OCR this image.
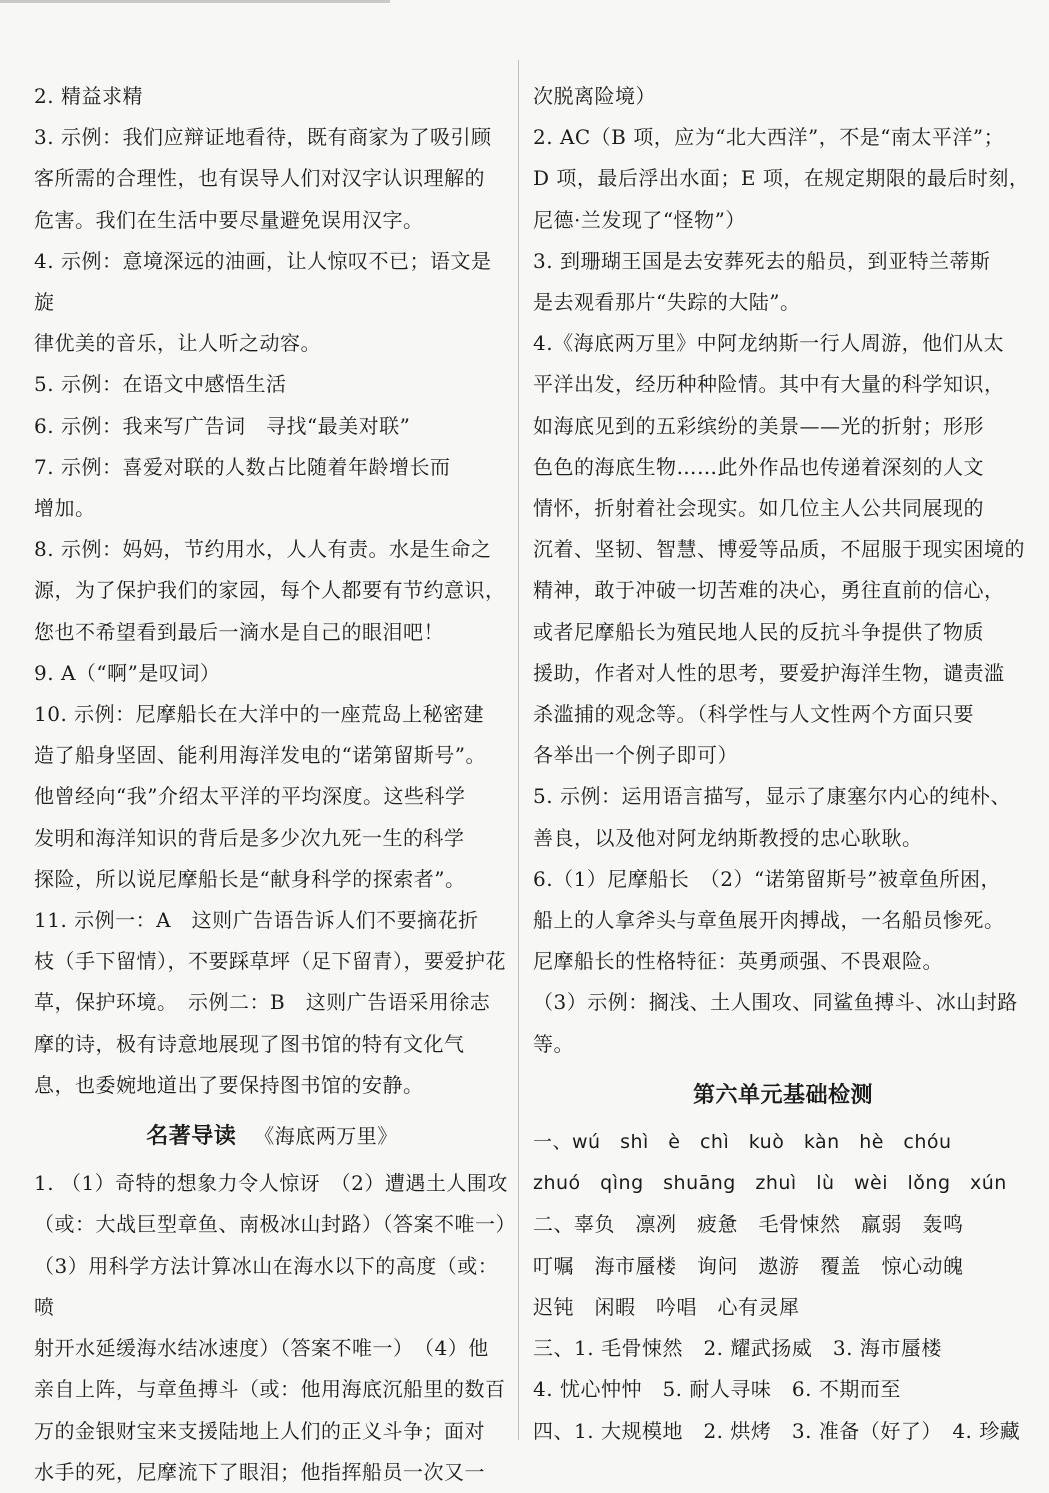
2. 精益求精

3. 示例：我们应辩证地看待，既有商家为了吸引顾

客所需的合理性，也有误导人们对汉字认识理解的

危害。我们在生活中要尽量避免误用汉字。

4. 示例：意境深远的油画，让人惊叹不已；语文是旋

律优美的音乐，让人听之动容。

5. 示例：在语文中感悟生活

6. 示例：我来写广告词　寻找“最美对联”

7. 示例：喜爱对联的人数占比随着年龄增长而

增加。

8. 示例：妈妈，节约用水，人人有责。水是生命之

源，为了保护我们的家园，每个人都要有节约意识，

您也不希望看到最后一滴水是自己的眼泪吧！

9. A（“啊”是叹词）

10. 示例：尼摩船长在大洋中的一座荒岛上秘密建

造了船身坚固、能利用海洋发电的“诺第留斯号”。

他曾经向“我”介绍太平洋的平均深度。这些科学

发明和海洋知识的背后是多少次九死一生的科学

探险，所以说尼摩船长是“献身科学的探索者”。

11. 示例一：A　这则广告语告诉人们不要摘花折

枝（手下留情），不要踩草坪（足下留青），要爱护花

草，保护环境。　示例二：B　这则广告语采用徐志

摩的诗，极有诗意地展现了图书馆的特有文化气

息，也委婉地道出了要保持图书馆的安静。

名著导读 《海底两万里》

1. （1）奇特的想象力令人惊讶　（2）遭遇土人围攻

（或：大战巨型章鱼、南极冰山封路）（答案不唯一）

（3）用科学方法计算冰山在海水以下的高度（或：喷

射开水延缓海水结冰速度）（答案不唯一）　（4）他

亲自上阵，与章鱼搏斗（或：他用海底沉船里的数百

万的金银财宝来支援陆地上人们的正义斗争；面对

水手的死，尼摩流下了眼泪；他指挥船员一次又一

次脱离险境）

2. AC（B 项，应为“北大西洋”，不是“南太平洋”；

D 项，最后浮出水面；E 项，在规定期限的最后时刻，

尼德·兰发现了“怪物”）

3. 到珊瑚王国是去安葬死去的船员，到亚特兰蒂斯

是去观看那片“失踪的大陆”。

4.《海底两万里》中阿龙纳斯一行人周游，他们从太

平洋出发，经历种种险情。其中有大量的科学知识，

如海底见到的五彩缤纷的美景——光的折射；形形

色色的海底生物……此外作品也传递着深刻的人文

情怀，折射着社会现实。如几位主人公共同展现的

沉着、坚韧、智慧、博爱等品质，不屈服于现实困境的

精神，敢于冲破一切苦难的决心，勇往直前的信心，

或者尼摩船长为殖民地人民的反抗斗争提供了物质

援助，作者对人性的思考，要爱护海洋生物，谴责滥

杀滥捕的观念等。（科学性与人文性两个方面只要

各举出一个例子即可）

5. 示例：运用语言描写，显示了康塞尔内心的纯朴、

善良，以及他对阿龙纳斯教授的忠心耿耿。

6.（1）尼摩船长　（2）“诺第留斯号”被章鱼所困，

船上的人拿斧头与章鱼展开肉搏战，一名船员惨死。

尼摩船长的性格特征：英勇顽强、不畏艰险。

（3）示例：搁浅、土人围攻、同鲨鱼搏斗、冰山封路等。

第六单元基础检测

一、wú　shì　è　chì　kuò　kàn　hè　chóu

zhuó　qìng　shuāng　zhuì　lù　wèi　lǒng　xún

二、辜负　凛冽　疲惫　毛骨悚然　羸弱　轰鸣

叮嘱　海市蜃楼　询问　遨游　覆盖　惊心动魄

迟钝　闲暇　吟唱　心有灵犀

三、1. 毛骨悚然　2. 耀武扬威　3. 海市蜃楼

4. 忧心忡忡　5. 耐人寻味　6. 不期而至

四、1. 大规模地　2. 烘烤　3. 准备（好了）　4. 珍藏
